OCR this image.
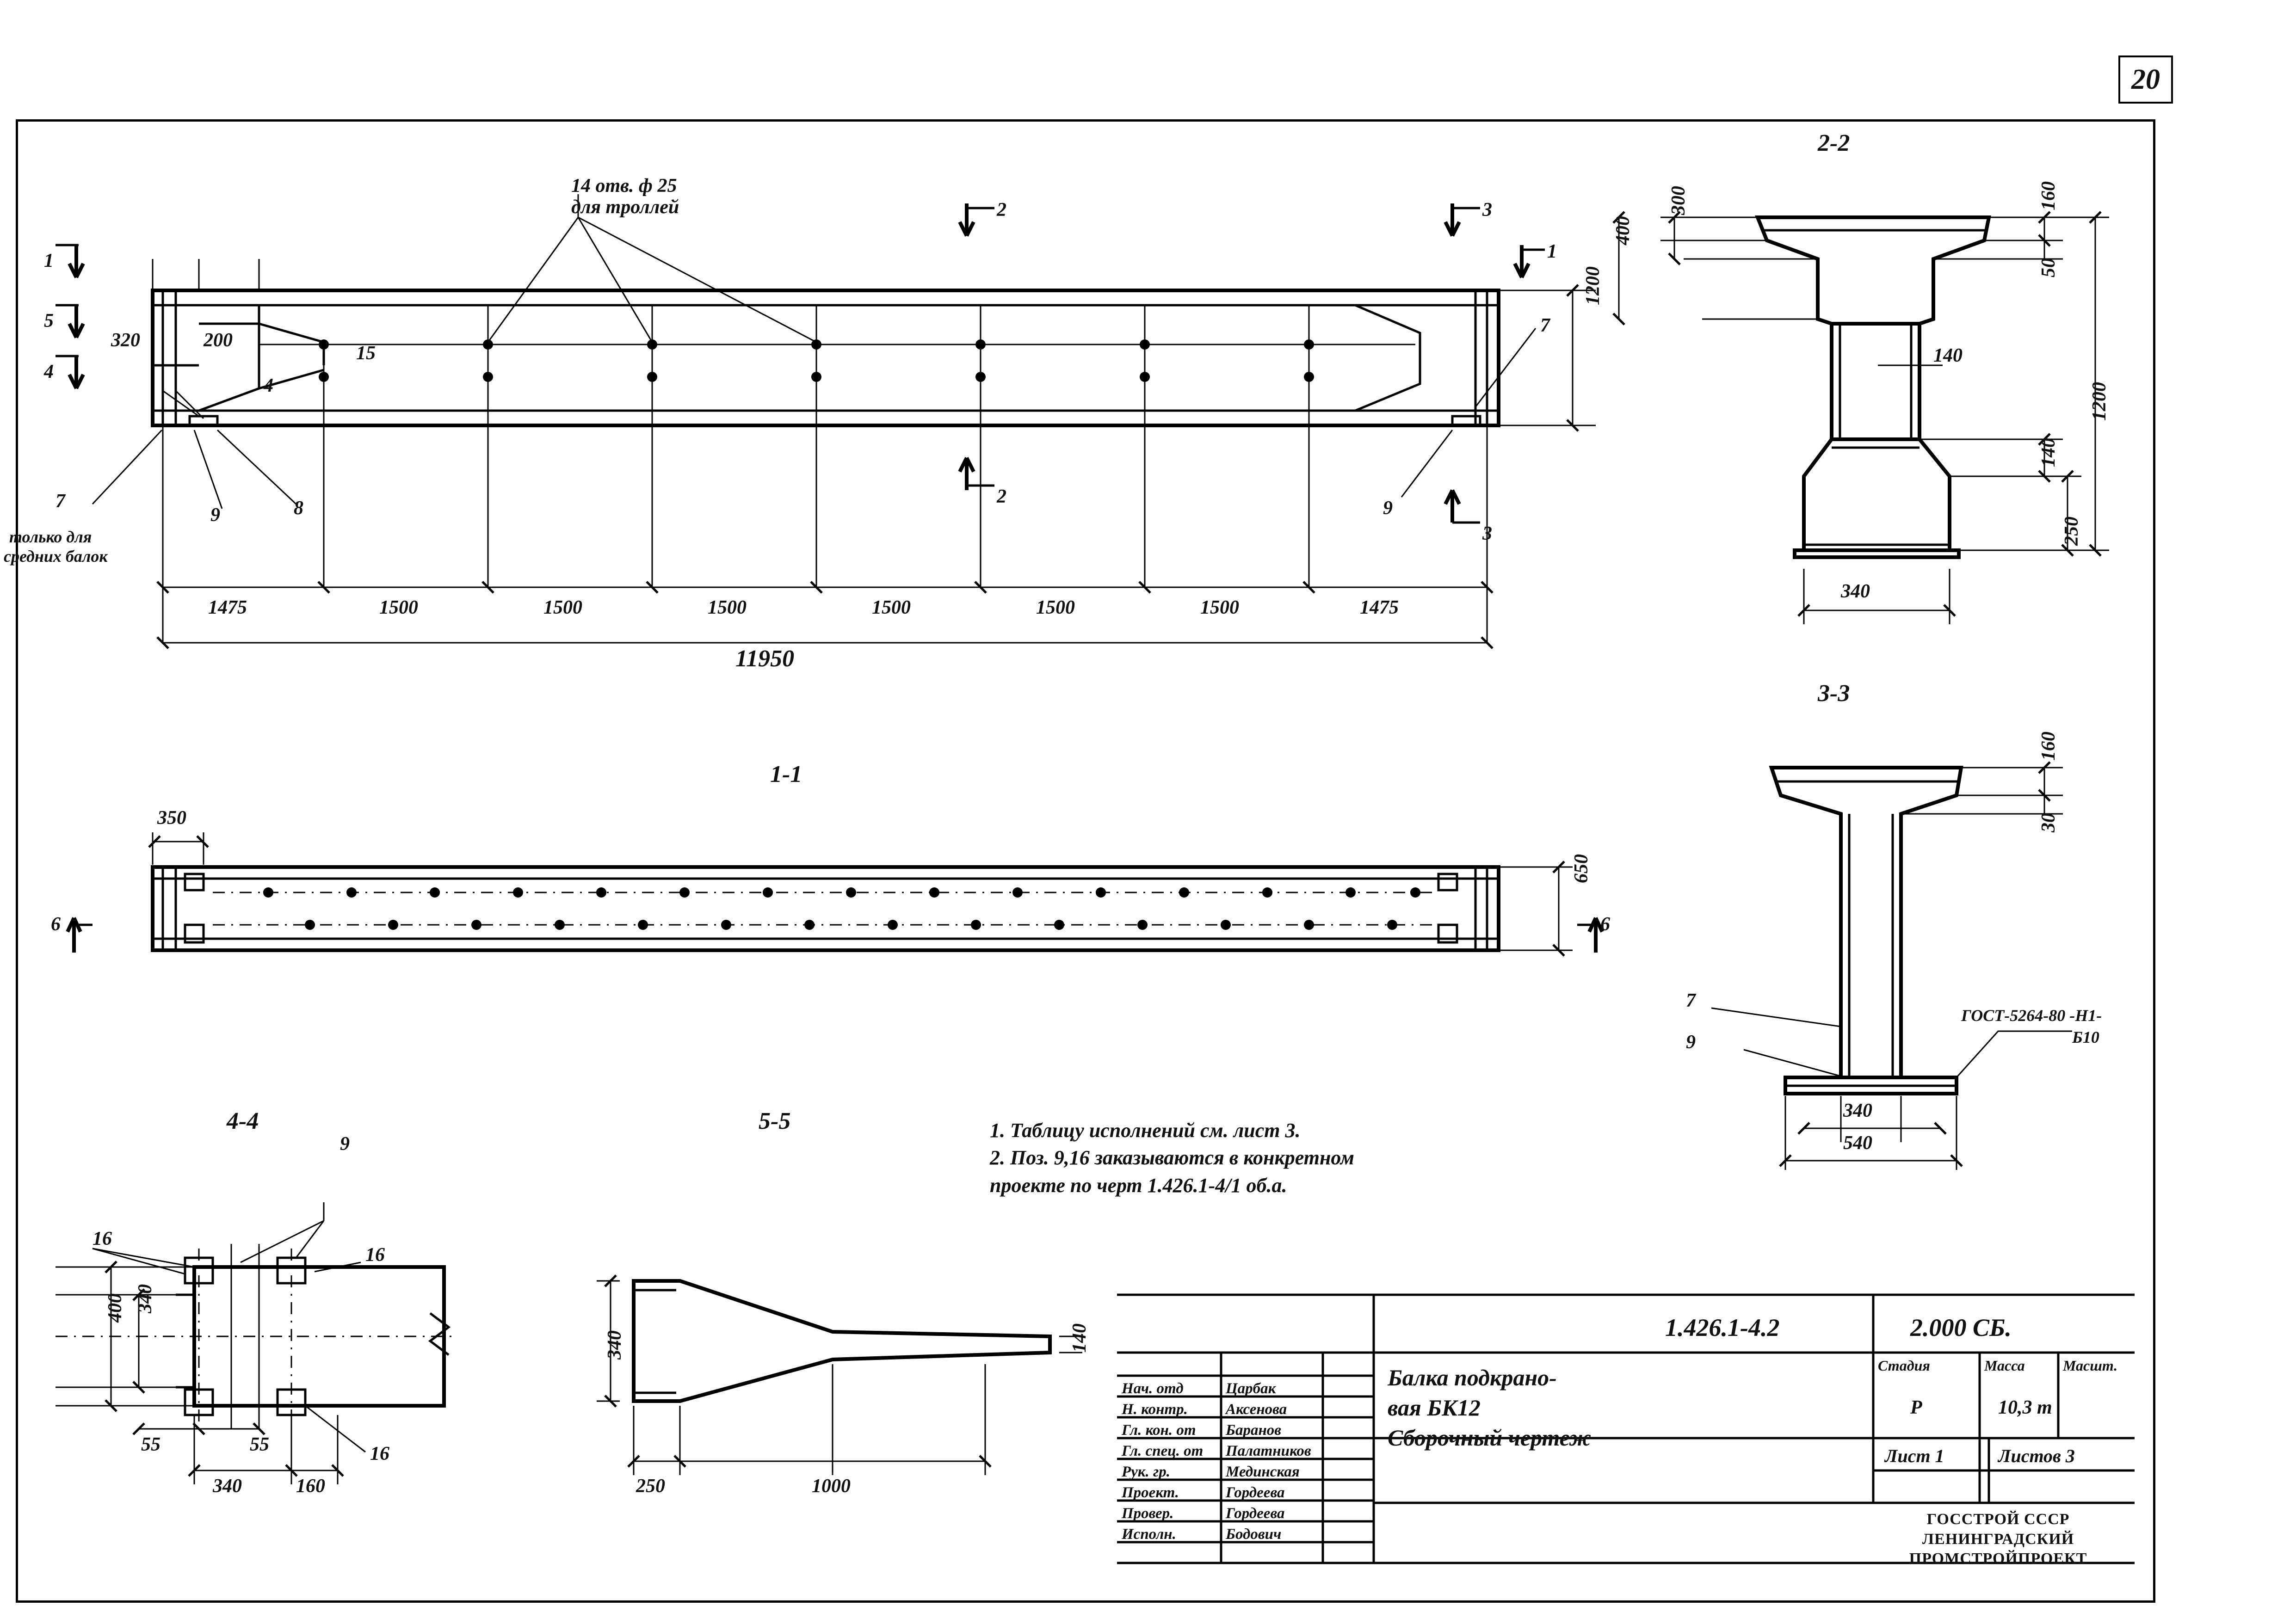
20
14 отв. ф 25
для троллей
1
5
4
2
2
3
3
1
7
9
15
4
7
9	8
только для
средних балок
320	200
1200
1475	1500	1500	1500	1500	1500	1500	1475
11950
1-1
350
650
6	6
2-2
160
300
50
400
140
140
250
1200
340
3-3
160
30
340
540
7
9
ГОСТ-5264-80 -Н1-
Б10
4-4
9
16
16
16
340
400
55	55
340	160
5-5
340	140
250	1000
1. Таблицу исполнений см. лист 3.
2. Поз. 9,16 заказываются в конкретном
проекте по черт 1.426.1-4/1 об.а.
1.426.1-4.2	2.000 СБ.
Балка подкрано-
вая БК12
Сборочный чертеж
Стадия	Масса	Масшт.
Р	10,3 т
Лист 1	Листов 3
ГОССТРОЙ СССР
ЛЕНИНГРАДСКИЙ
ПРОМСТРОЙПРОЕКТ
Нач. отд	Царбак
Н. контр. Аксенова
Гл. кон. от Баранов
Гл. спец. от Палатников
Рук. гр.	Мединская
Проект.	Гордеева
Провер.	Гордеева
Исполн.	Бодович
